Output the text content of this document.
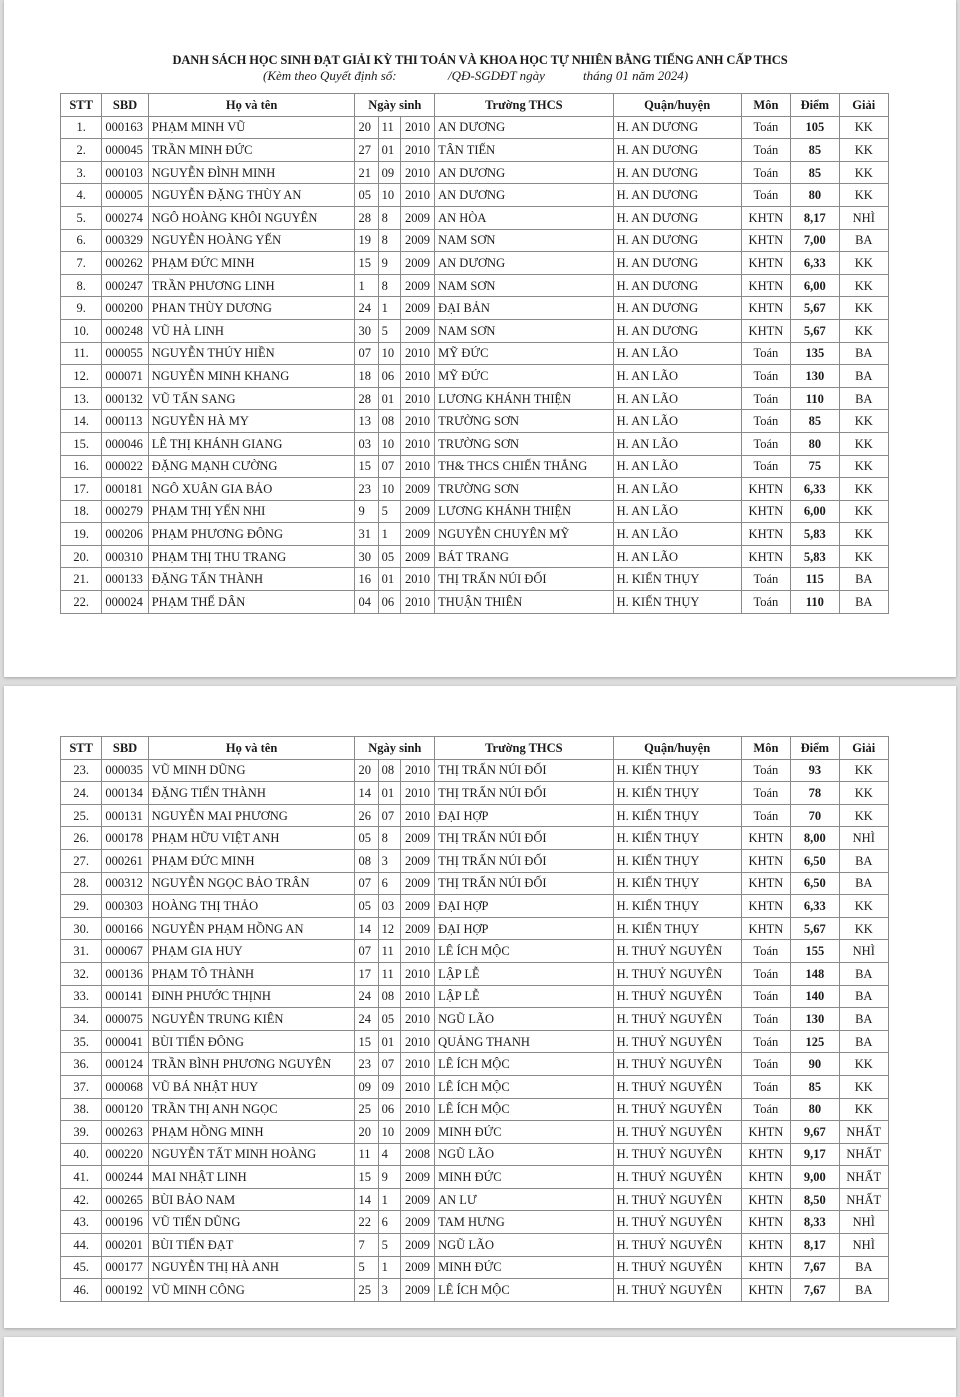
DANH SÁCH HỌC SINH ĐẠT GIẢI KỲ THI TOÁN VÀ KHOA HỌC TỰ NHIÊN BẰNG TIẾNG ANH CẤP THCS
(Kèm theo Quyết định số:	/QĐ-SGDĐT ngày	tháng 01 năm 2024)
STT	SBD	Họ và tên	Ngày sinh			Trường THCS	Quận/huyện	Môn	Điểm	Giải
1.	000163	PHẠM MINH VŨ	20	11	2010	AN DƯƠNG	H. AN DƯƠNG	Toán	105	KK
2.	000045	TRẦN MINH ĐỨC	27	01	2010	TÂN TIẾN	H. AN DƯƠNG	Toán	85	KK
3.	000103	NGUYỄN ĐÌNH MINH	21	09	2010	AN DƯƠNG	H. AN DƯƠNG	Toán	85	KK
4.	000005	NGUYỄN ĐẶNG THÙY AN	05	10	2010	AN DƯƠNG	H. AN DƯƠNG	Toán	80	KK
5.	000274	NGÔ HOÀNG KHÔI NGUYÊN	28	8	2009	AN HÒA	H. AN DƯƠNG	KHTN	8,17	NHÌ
6.	000329	NGUYỄN HOÀNG YẾN	19	8	2009	NAM SƠN	H. AN DƯƠNG	KHTN	7,00	BA
7.	000262	PHẠM ĐỨC MINH	15	9	2009	AN DƯƠNG	H. AN DƯƠNG	KHTN	6,33	KK
8.	000247	TRẦN PHƯƠNG LINH	1	8	2009	NAM SƠN	H. AN DƯƠNG	KHTN	6,00	KK
9.	000200	PHAN THÙY DƯƠNG	24	1	2009	ĐẠI BẢN	H. AN DƯƠNG	KHTN	5,67	KK
10.	000248	VŨ HÀ LINH	30	5	2009	NAM SƠN	H. AN DƯƠNG	KHTN	5,67	KK
11.	000055	NGUYỄN THÚY HIỀN	07	10	2010	MỸ ĐỨC	H. AN LÃO	Toán	135	BA
12.	000071	NGUYỄN MINH KHANG	18	06	2010	MỸ ĐỨC	H. AN LÃO	Toán	130	BA
13.	000132	VŨ TẤN SANG	28	01	2010	LƯƠNG KHÁNH THIỆN	H. AN LÃO	Toán	110	BA
14.	000113	NGUYỄN HÀ MY	13	08	2010	TRƯỜNG SƠN	H. AN LÃO	Toán	85	KK
15.	000046	LÊ THỊ KHÁNH GIANG	03	10	2010	TRƯỜNG SƠN	H. AN LÃO	Toán	80	KK
16.	000022	ĐẶNG MẠNH CƯỜNG	15	07	2010	TH& THCS CHIẾN THẮNG	H. AN LÃO	Toán	75	KK
17.	000181	NGÔ XUÂN GIA BẢO	23	10	2009	TRƯỜNG SƠN	H. AN LÃO	KHTN	6,33	KK
18.	000279	PHẠM THỊ YẾN NHI	9	5	2009	LƯƠNG KHÁNH THIỆN	H. AN LÃO	KHTN	6,00	KK
19.	000206	PHẠM PHƯƠNG ĐÔNG	31	1	2009	NGUYỄN CHUYÊN MỸ	H. AN LÃO	KHTN	5,83	KK
20.	000310	PHẠM THỊ THU TRANG	30	05	2009	BÁT TRANG	H. AN LÃO	KHTN	5,83	KK
21.	000133	ĐẶNG TẤN THÀNH	16	01	2010	THỊ TRẤN NÚI ĐỐI	H. KIẾN THỤY	Toán	115	BA
22.	000024	PHẠM THẾ DÂN	04	06	2010	THUẬN THIÊN	H. KIẾN THỤY	Toán	110	BA
STT	SBD	Họ và tên	Ngày sinh			Trường THCS	Quận/huyện	Môn	Điểm	Giải
23.	000035	VŨ MINH DŨNG	20	08	2010	THỊ TRẤN NÚI ĐỐI	H. KIẾN THỤY	Toán	93	KK
24.	000134	ĐẶNG TIẾN THÀNH	14	01	2010	THỊ TRẤN NÚI ĐỐI	H. KIẾN THỤY	Toán	78	KK
25.	000131	NGUYỄN MAI PHƯƠNG	26	07	2010	ĐẠI HỢP	H. KIẾN THỤY	Toán	70	KK
26.	000178	PHẠM HỮU VIỆT ANH	05	8	2009	THỊ TRẤN NÚI ĐỐI	H. KIẾN THỤY	KHTN	8,00	NHÌ
27.	000261	PHẠM ĐỨC MINH	08	3	2009	THỊ TRẤN NÚI ĐỐI	H. KIẾN THỤY	KHTN	6,50	BA
28.	000312	NGUYỄN NGỌC BẢO TRÂN	07	6	2009	THỊ TRẤN NÚI ĐỐI	H. KIẾN THỤY	KHTN	6,50	BA
29.	000303	HOÀNG THỊ THẢO	05	03	2009	ĐẠI HỢP	H. KIẾN THỤY	KHTN	6,33	KK
30.	000166	NGUYỄN PHẠM HỒNG AN	14	12	2009	ĐẠI HỢP	H. KIẾN THỤY	KHTN	5,67	KK
31.	000067	PHẠM GIA HUY	07	11	2010	LÊ ÍCH MỘC	H. THUỶ NGUYÊN	Toán	155	NHÌ
32.	000136	PHẠM TÔ THÀNH	17	11	2010	LẬP LỄ	H. THUỶ NGUYÊN	Toán	148	BA
33.	000141	ĐINH PHƯỚC THỊNH	24	08	2010	LẬP LỄ	H. THUỶ NGUYÊN	Toán	140	BA
34.	000075	NGUYỄN TRUNG KIÊN	24	05	2010	NGŨ LÃO	H. THUỶ NGUYÊN	Toán	130	BA
35.	000041	BÙI TIẾN ĐÔNG	15	01	2010	QUẢNG THANH	H. THUỶ NGUYÊN	Toán	125	BA
36.	000124	TRẦN BÌNH PHƯƠNG NGUYÊN	23	07	2010	LÊ ÍCH MỘC	H. THUỶ NGUYÊN	Toán	90	KK
37.	000068	VŨ BÁ NHẬT HUY	09	09	2010	LÊ ÍCH MỘC	H. THUỶ NGUYÊN	Toán	85	KK
38.	000120	TRẦN THỊ ANH NGỌC	25	06	2010	LÊ ÍCH MỘC	H. THUỶ NGUYÊN	Toán	80	KK
39.	000263	PHẠM HỒNG MINH	20	10	2009	MINH ĐỨC	H. THUỶ NGUYÊN	KHTN	9,67	NHẤT
40.	000220	NGUYỄN TẤT MINH HOÀNG	11	4	2008	NGŨ LÃO	H. THUỶ NGUYÊN	KHTN	9,17	NHẤT
41.	000244	MAI NHẬT LINH	15	9	2009	MINH ĐỨC	H. THUỶ NGUYÊN	KHTN	9,00	NHẤT
42.	000265	BÙI BẢO NAM	14	1	2009	AN LƯ	H. THUỶ NGUYÊN	KHTN	8,50	NHẤT
43.	000196	VŨ TIẾN DŨNG	22	6	2009	TAM HƯNG	H. THUỶ NGUYÊN	KHTN	8,33	NHÌ
44.	000201	BÙI TIẾN ĐẠT	7	5	2009	NGŨ LÃO	H. THUỶ NGUYÊN	KHTN	8,17	NHÌ
45.	000177	NGUYỄN THỊ HÀ ANH	5	1	2009	MINH ĐỨC	H. THUỶ NGUYÊN	KHTN	7,67	BA
46.	000192	VŨ MINH CÔNG	25	3	2009	LÊ ÍCH MỘC	H. THUỶ NGUYÊN	KHTN	7,67	BA
